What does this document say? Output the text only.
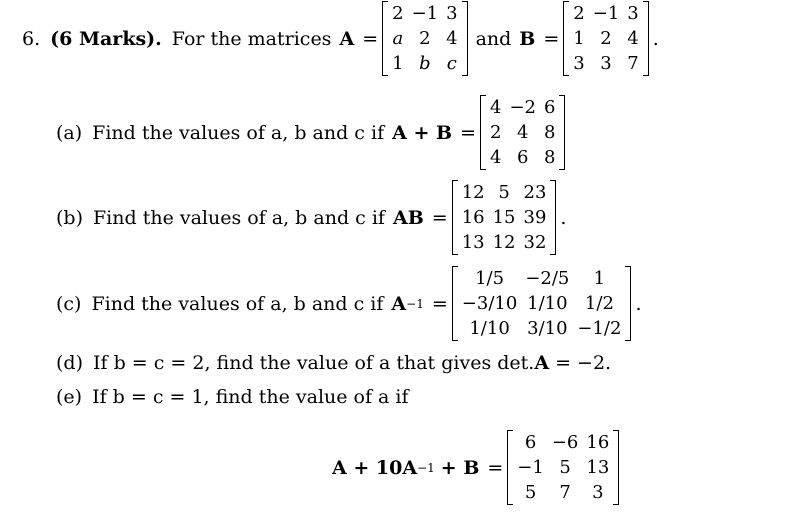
6. (6 Marks). For the matrices A =
2	−1	3
a	2	4
1	b	c
and B =
2	−1	3
1	2	4
3	3	7
.
(a) Find the values of a, b and c if A + B =
4	−2	6
2	4	8
4	6	8
(b) Find the values of a, b and c if AB =
12	5	23
16	15	39
13	12	32
.
(c) Find the values of a, b and c if A −1 =
1/5	−2/5	1
−3/10	1/10	1/2
1/10	3/10	−1/2
.
(d) If b = c = 2, find the value of a that gives det. A = −2.
(e) If b = c = 1, find the value of a if
A + 10A −1 + B =
6	−6	16
−1	5	13
5	7	3
